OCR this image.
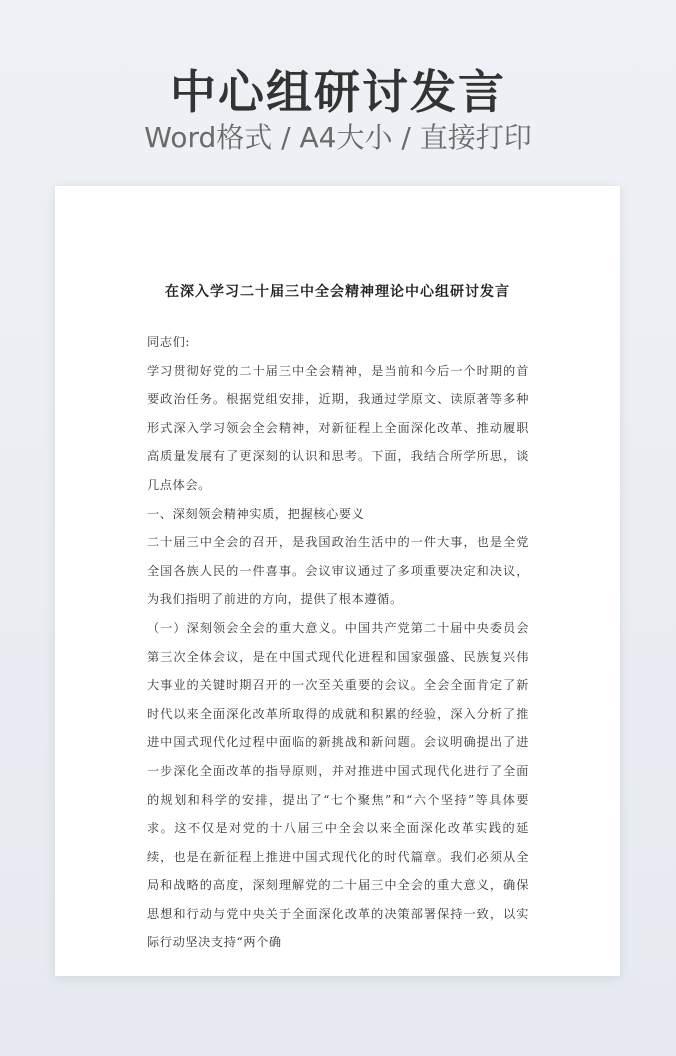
中心组研讨发言
Word格式 / A4大小 / 直接打印
在深入学习二十届三中全会精神理论中心组研讨发言

同志们:

学习贯彻好党的二十届三中全会精神，是当前和今后一个时期的首要政治任务。根据党组安排，近期，我通过学原文、读原著等多种形式深入学习领会全会精神，对新征程上全面深化改革、推动履职高质量发展有了更深刻的认识和思考。下面，我结合所学所思，谈几点体会。

一、深刻领会精神实质，把握核心要义

二十届三中全会的召开，是我国政治生活中的一件大事，也是全党全国各族人民的一件喜事。会议审议通过了多项重要决定和决议，为我们指明了前进的方向，提供了根本遵循。

（一）深刻领会全会的重大意义。中国共产党第二十届中央委员会第三次全体会议，是在中国式现代化进程和国家强盛、民族复兴伟大事业的关键时期召开的一次至关重要的会议。全会全面肯定了新时代以来全面深化改革所取得的成就和积累的经验，深入分析了推进中国式现代化过程中面临的新挑战和新问题。会议明确提出了进一步深化全面改革的指导原则，并对推进中国式现代化进行了全面的规划和科学的安排，提出了“七个聚焦”和“六个坚持”等具体要求。这不仅是对党的十八届三中全会以来全面深化改革实践的延续，也是在新征程上推进中国式现代化的时代篇章。我们必须从全局和战略的高度，深刻理解党的二十届三中全会的重大意义，确保思想和行动与党中央关于全面深化改革的决策部署保持一致，以实际行动坚决支持“两个确
